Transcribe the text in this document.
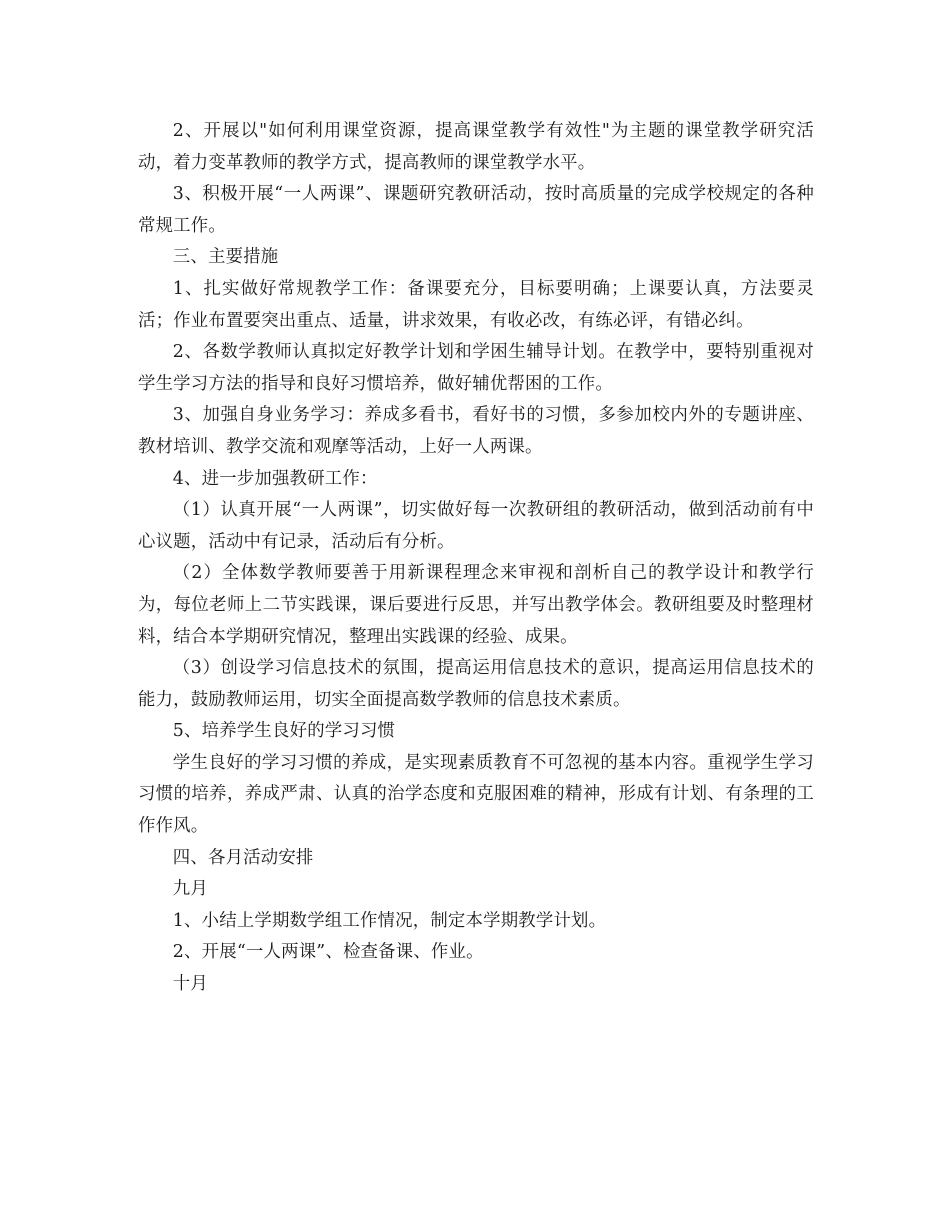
2、开展以"如何利用课堂资源，提高课堂教学有效性"为主题的课堂教学研究活动，着力变革教师的教学方式，提高教师的课堂教学水平。

3、积极开展“一人两课”、课题研究教研活动，按时高质量的完成学校规定的各种常规工作。

三、主要措施

1、扎实做好常规教学工作：备课要充分，目标要明确；上课要认真，方法要灵活；作业布置要突出重点、适量，讲求效果，有收必改，有练必评，有错必纠。

2、各数学教师认真拟定好教学计划和学困生辅导计划。在教学中，要特别重视对学生学习方法的指导和良好习惯培养，做好辅优帮困的工作。

3、加强自身业务学习：养成多看书，看好书的习惯，多参加校内外的专题讲座、教材培训、教学交流和观摩等活动，上好一人两课。

4、进一步加强教研工作：

（1）认真开展“一人两课”，切实做好每一次教研组的教研活动，做到活动前有中心议题，活动中有记录，活动后有分析。

（2）全体数学教师要善于用新课程理念来审视和剖析自己的教学设计和教学行为，每位老师上二节实践课，课后要进行反思，并写出教学体会。教研组要及时整理材料，结合本学期研究情况，整理出实践课的经验、成果。

（3）创设学习信息技术的氛围，提高运用信息技术的意识，提高运用信息技术的能力，鼓励教师运用，切实全面提高数学教师的信息技术素质。

5、培养学生良好的学习习惯

学生良好的学习习惯的养成，是实现素质教育不可忽视的基本内容。重视学生学习习惯的培养，养成严肃、认真的治学态度和克服困难的精神，形成有计划、有条理的工作作风。

四、各月活动安排

九月

1、小结上学期数学组工作情况，制定本学期教学计划。

2、开展“一人两课”、检查备课、作业。

十月
